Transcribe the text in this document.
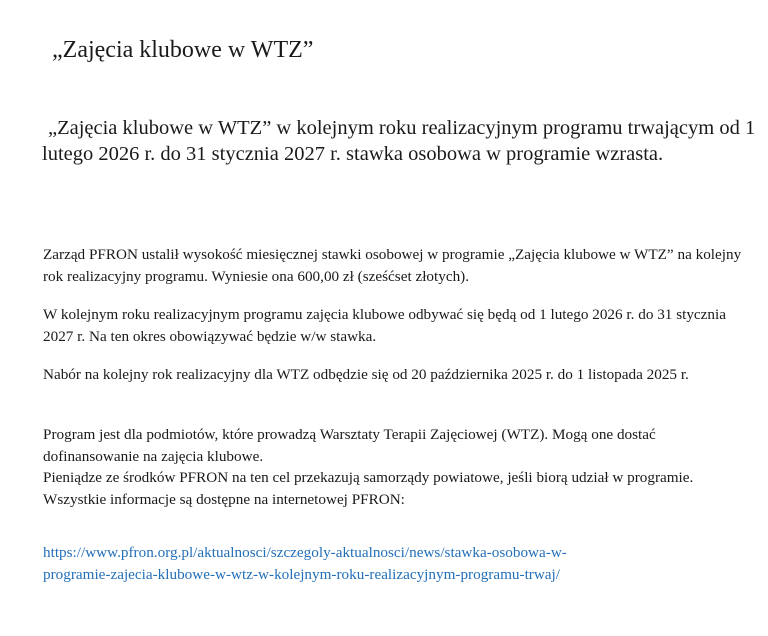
„Zajęcia klubowe w WTZ”

„Zajęcia klubowe w WTZ” w kolejnym roku realizacyjnym programu trwającym od 1 lutego 2026 r. do 31 stycznia 2027 r. stawka osobowa w programie wzrasta.

Zarząd PFRON ustalił wysokość miesięcznej stawki osobowej w programie „Zajęcia klubowe w WTZ” na kolejny rok realizacyjny programu. Wyniesie ona 600,00 zł (sześćset złotych).

W kolejnym roku realizacyjnym programu zajęcia klubowe odbywać się będą od 1 lutego 2026 r. do 31 stycznia 2027 r. Na ten okres obowiązywać będzie w/w stawka.

Nabór na kolejny rok realizacyjny dla WTZ odbędzie się od 20 października 2025 r. do 1 listopada 2025 r.

Program jest dla podmiotów, które prowadzą Warsztaty Terapii Zajęciowej (WTZ). Mogą one dostać dofinansowanie na zajęcia klubowe.
Pieniądze ze środków PFRON na ten cel przekazują samorządy powiatowe, jeśli biorą udział w programie.
Wszystkie informacje są dostępne na internetowej PFRON:
https://www.pfron.org.pl/aktualnosci/szczegoly-aktualnosci/news/stawka-osobowa-w-
programie-zajecia-klubowe-w-wtz-w-kolejnym-roku-realizacyjnym-programu-trwaj/
